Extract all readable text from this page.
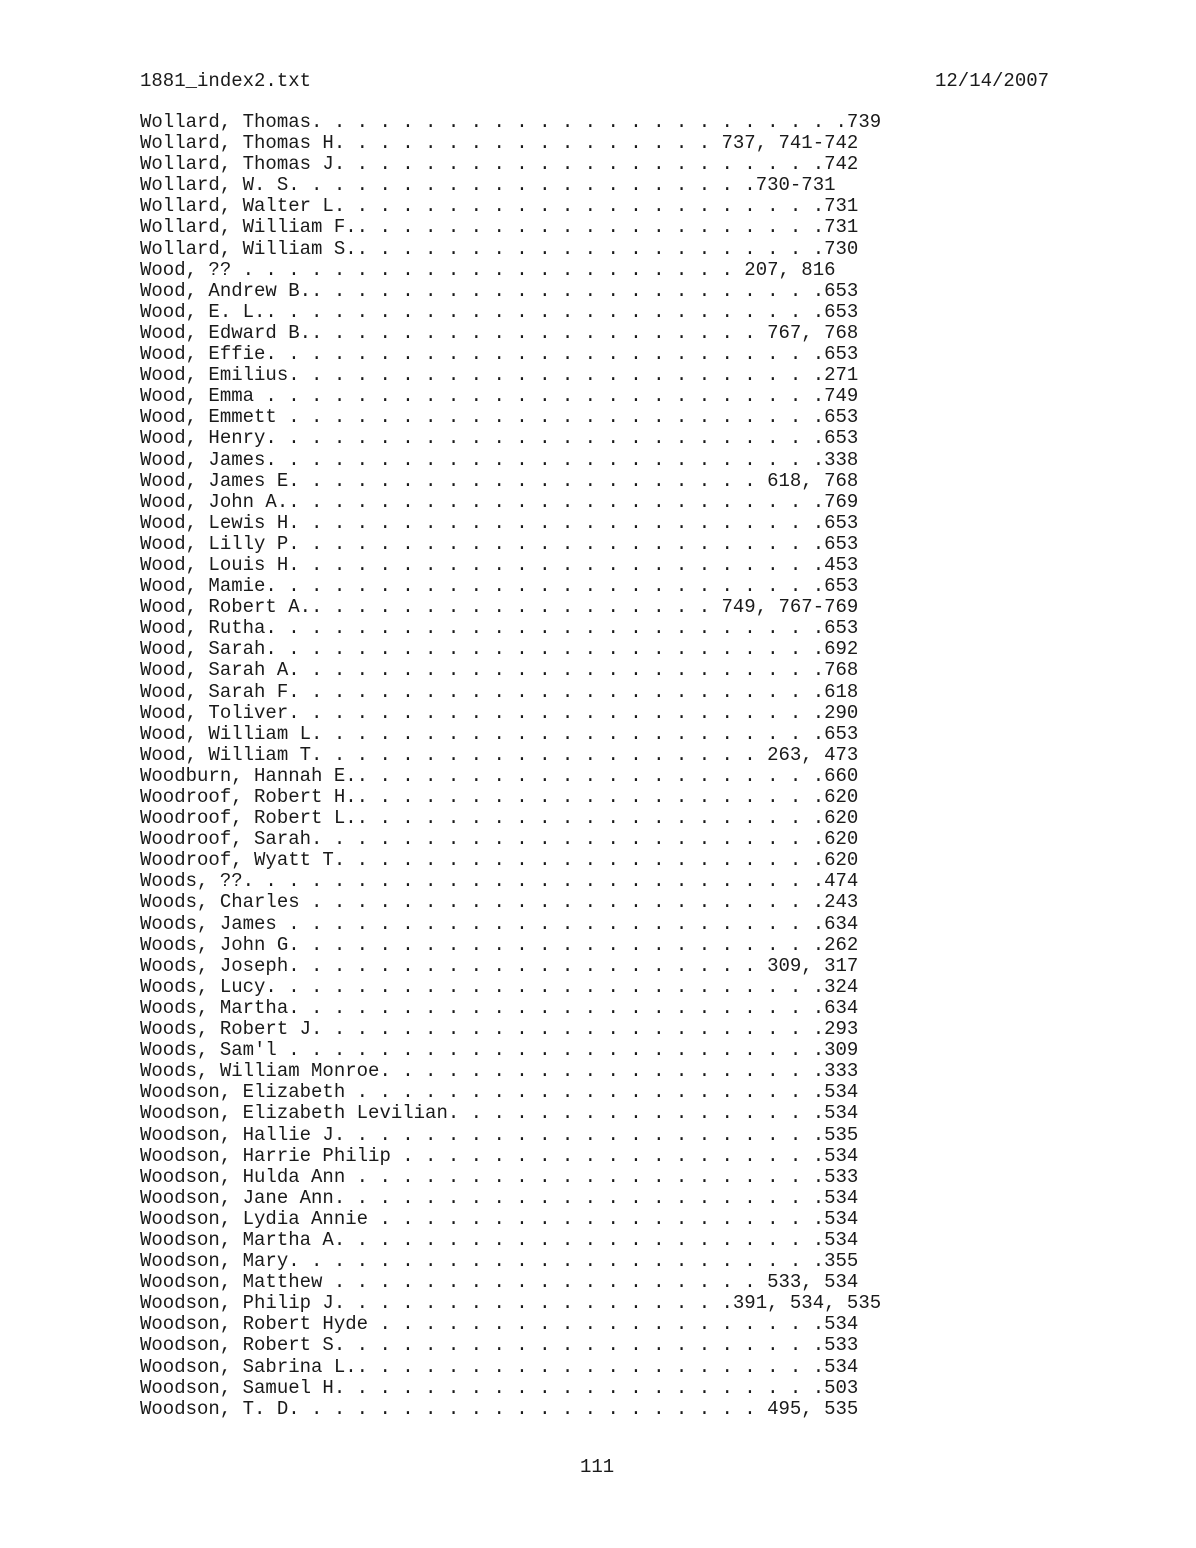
1881_index2.txt	12/14/2007
Wollard, Thomas. . . . . . . . . . . . . . . . . . . . . . . .739
Wollard, Thomas H. . . . . . . . . . . . . . . . . 737, 741-742
Wollard, Thomas J. . . . . . . . . . . . . . . . . . . . . .742
Wollard, W. S. . . . . . . . . . . . . . . . . . . . .730-731
Wollard, Walter L. . . . . . . . . . . . . . . . . . . . . .731
Wollard, William F.. . . . . . . . . . . . . . . . . . . . .731
Wollard, William S.. . . . . . . . . . . . . . . . . . . . .730
Wood, ?? . . . . . . . . . . . . . . . . . . . . . . 207, 816
Wood, Andrew B.. . . . . . . . . . . . . . . . . . . . . . .653
Wood, E. L.. . . . . . . . . . . . . . . . . . . . . . . . .653
Wood, Edward B.. . . . . . . . . . . . . . . . . . . . 767, 768
Wood, Effie. . . . . . . . . . . . . . . . . . . . . . . . .653
Wood, Emilius. . . . . . . . . . . . . . . . . . . . . . . .271
Wood, Emma . . . . . . . . . . . . . . . . . . . . . . . . .749
Wood, Emmett . . . . . . . . . . . . . . . . . . . . . . . .653
Wood, Henry. . . . . . . . . . . . . . . . . . . . . . . . .653
Wood, James. . . . . . . . . . . . . . . . . . . . . . . . .338
Wood, James E. . . . . . . . . . . . . . . . . . . . . 618, 768
Wood, John A.. . . . . . . . . . . . . . . . . . . . . . . .769
Wood, Lewis H. . . . . . . . . . . . . . . . . . . . . . . .653
Wood, Lilly P. . . . . . . . . . . . . . . . . . . . . . . .653
Wood, Louis H. . . . . . . . . . . . . . . . . . . . . . . .453
Wood, Mamie. . . . . . . . . . . . . . . . . . . . . . . . .653
Wood, Robert A.. . . . . . . . . . . . . . . . . . 749, 767-769
Wood, Rutha. . . . . . . . . . . . . . . . . . . . . . . . .653
Wood, Sarah. . . . . . . . . . . . . . . . . . . . . . . . .692
Wood, Sarah A. . . . . . . . . . . . . . . . . . . . . . . .768
Wood, Sarah F. . . . . . . . . . . . . . . . . . . . . . . .618
Wood, Toliver. . . . . . . . . . . . . . . . . . . . . . . .290
Wood, William L. . . . . . . . . . . . . . . . . . . . . . .653
Wood, William T. . . . . . . . . . . . . . . . . . . . 263, 473
Woodburn, Hannah E.. . . . . . . . . . . . . . . . . . . . .660
Woodroof, Robert H.. . . . . . . . . . . . . . . . . . . . .620
Woodroof, Robert L.. . . . . . . . . . . . . . . . . . . . .620
Woodroof, Sarah. . . . . . . . . . . . . . . . . . . . . . .620
Woodroof, Wyatt T. . . . . . . . . . . . . . . . . . . . . .620
Woods, ??. . . . . . . . . . . . . . . . . . . . . . . . . .474
Woods, Charles . . . . . . . . . . . . . . . . . . . . . . .243
Woods, James . . . . . . . . . . . . . . . . . . . . . . . .634
Woods, John G. . . . . . . . . . . . . . . . . . . . . . . .262
Woods, Joseph. . . . . . . . . . . . . . . . . . . . . 309, 317
Woods, Lucy. . . . . . . . . . . . . . . . . . . . . . . . .324
Woods, Martha. . . . . . . . . . . . . . . . . . . . . . . .634
Woods, Robert J. . . . . . . . . . . . . . . . . . . . . . .293
Woods, Sam'l . . . . . . . . . . . . . . . . . . . . . . . .309
Woods, William Monroe. . . . . . . . . . . . . . . . . . . .333
Woodson, Elizabeth . . . . . . . . . . . . . . . . . . . . .534
Woodson, Elizabeth Levilian. . . . . . . . . . . . . . . . .534
Woodson, Hallie J. . . . . . . . . . . . . . . . . . . . . .535
Woodson, Harrie Philip . . . . . . . . . . . . . . . . . . .534
Woodson, Hulda Ann . . . . . . . . . . . . . . . . . . . . .533
Woodson, Jane Ann. . . . . . . . . . . . . . . . . . . . . .534
Woodson, Lydia Annie . . . . . . . . . . . . . . . . . . . .534
Woodson, Martha A. . . . . . . . . . . . . . . . . . . . . .534
Woodson, Mary. . . . . . . . . . . . . . . . . . . . . . . .355
Woodson, Matthew . . . . . . . . . . . . . . . . . . . 533, 534
Woodson, Philip J. . . . . . . . . . . . . . . . . .391, 534, 535
Woodson, Robert Hyde . . . . . . . . . . . . . . . . . . . .534
Woodson, Robert S. . . . . . . . . . . . . . . . . . . . . .533
Woodson, Sabrina L.. . . . . . . . . . . . . . . . . . . . .534
Woodson, Samuel H. . . . . . . . . . . . . . . . . . . . . .503
Woodson, T. D. . . . . . . . . . . . . . . . . . . . . 495, 535
111
